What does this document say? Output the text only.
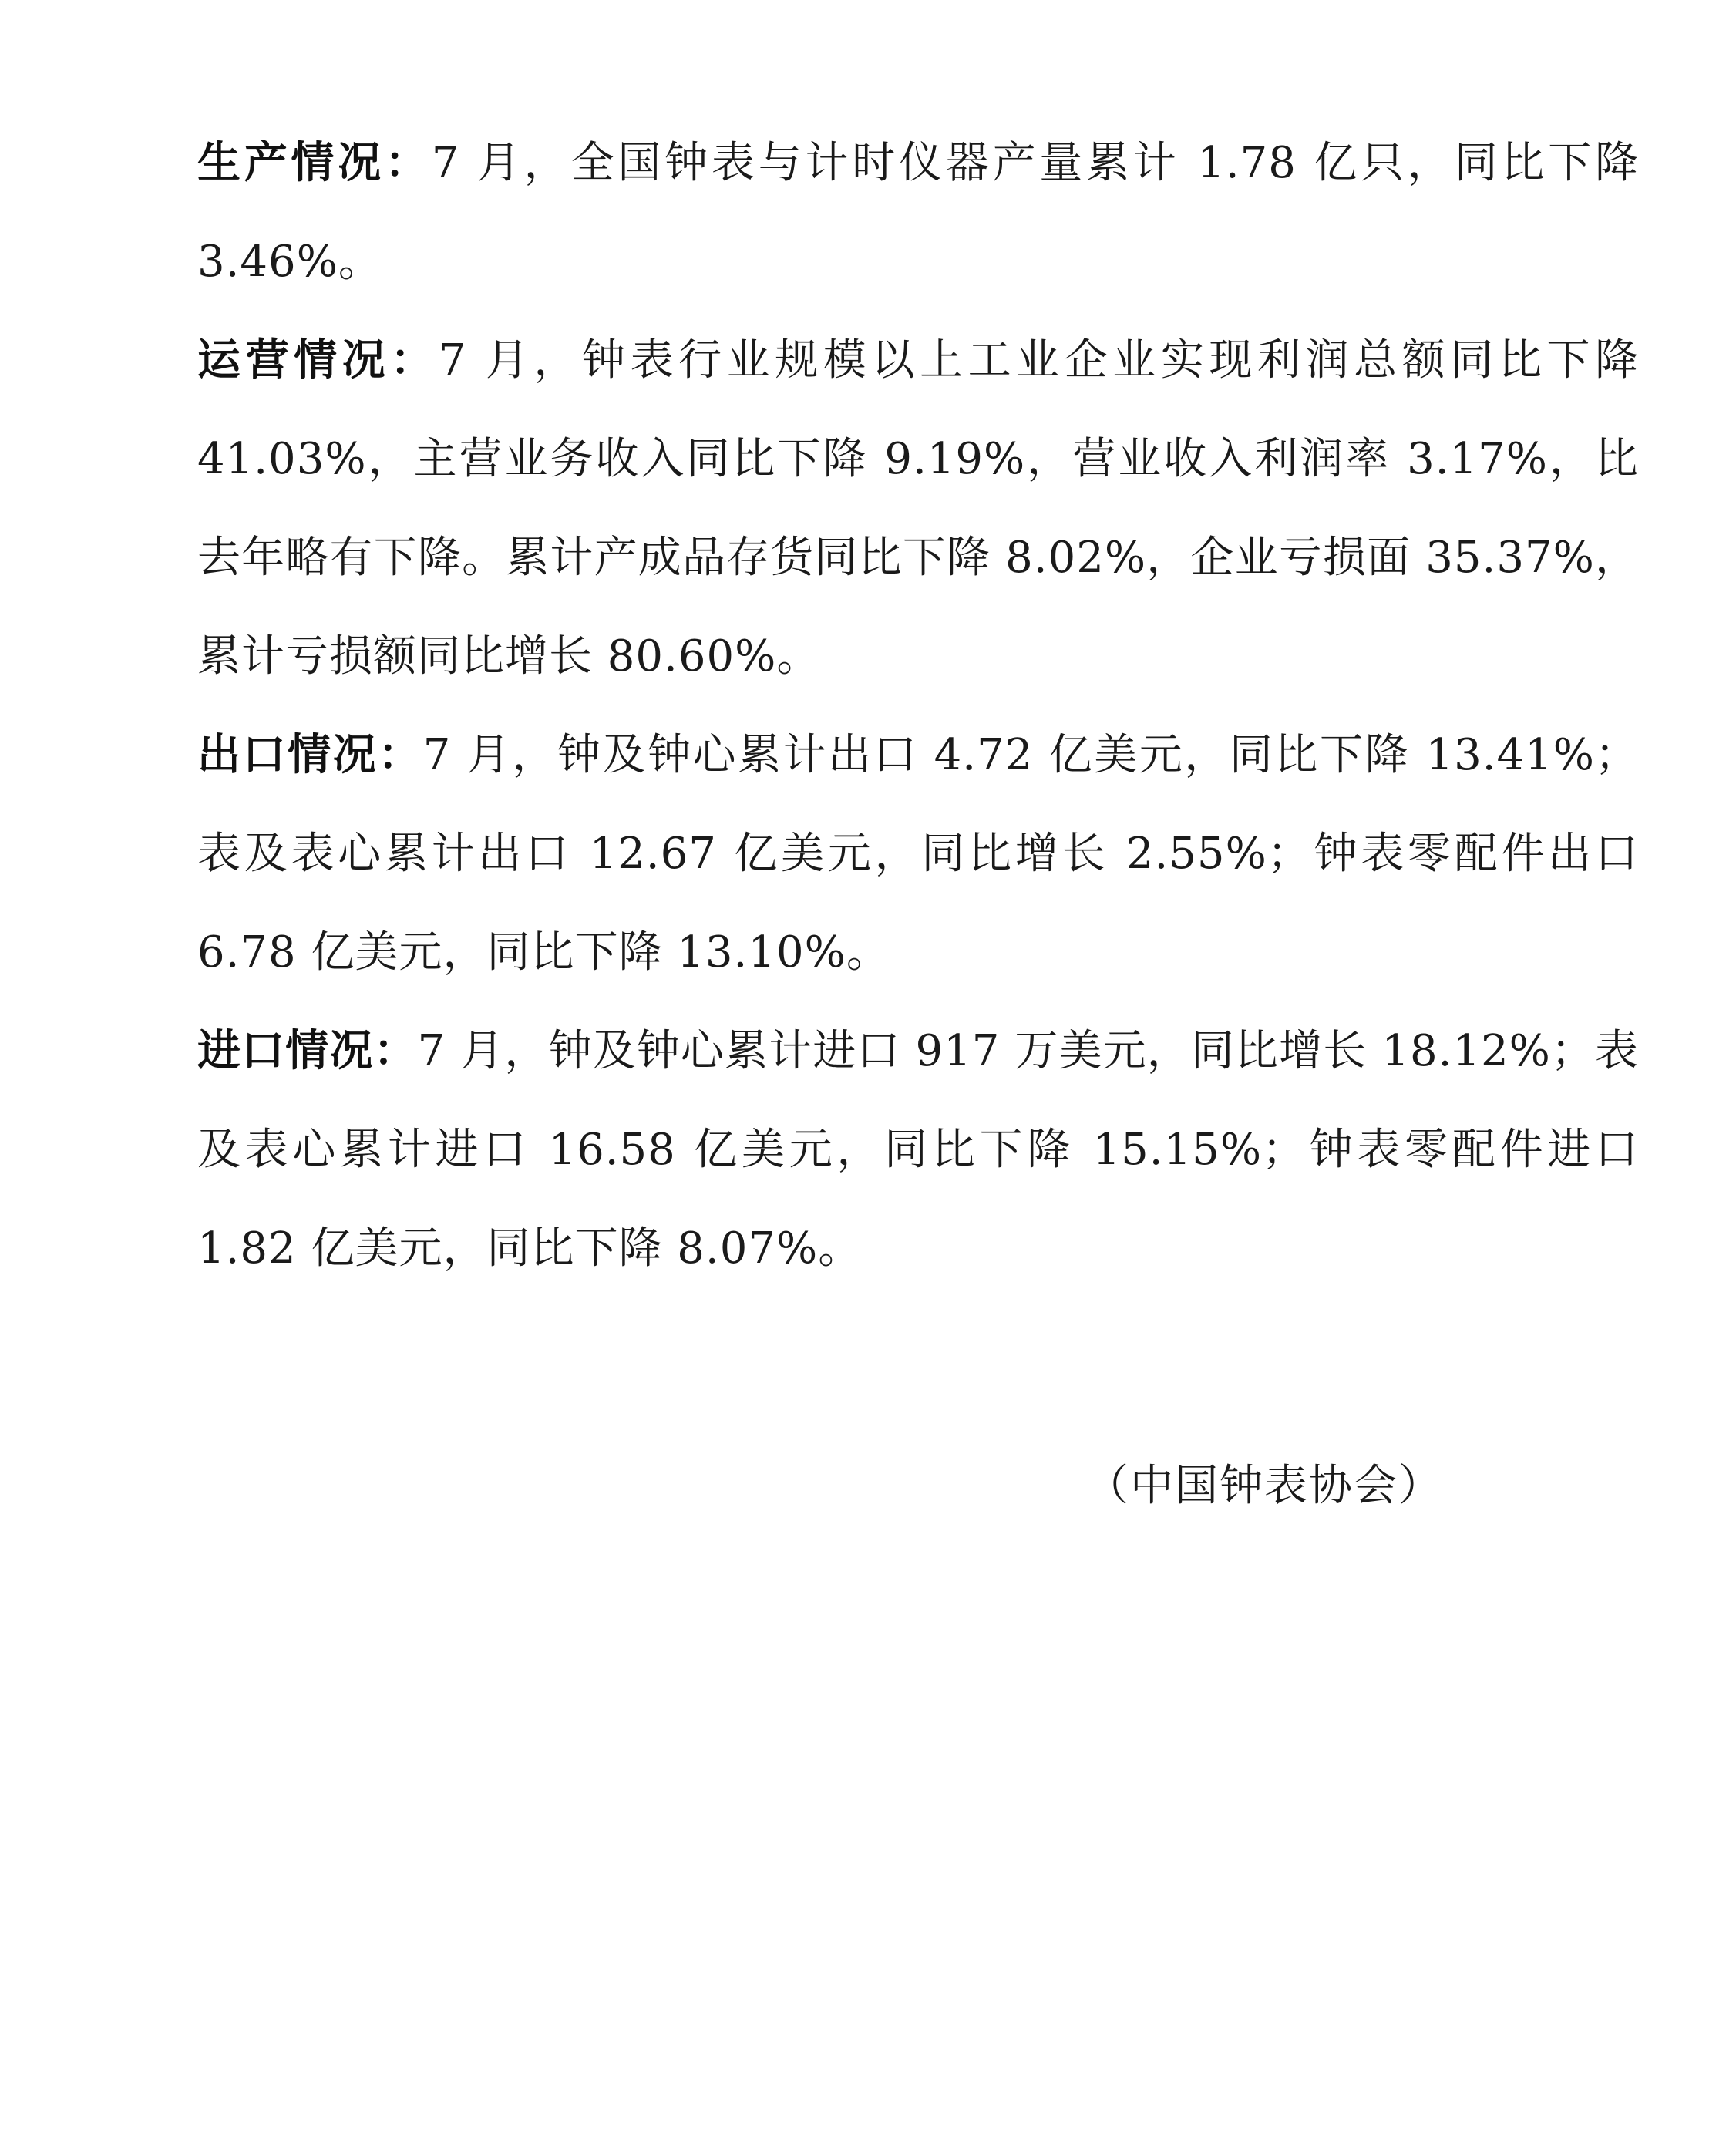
生产情况：7 月，全国钟表与计时仪器产量累计 1.78 亿只，同比下降 3.46%。

运营情况：7 月，钟表行业规模以上工业企业实现利润总额同比下降 41.03%，主营业务收入同比下降 9.19%，营业收入利润率 3.17%，比去年略有下降。累计产成品存货同比下降 8.02%，企业亏损面 35.37%，累计亏损额同比增长 80.60%。

出口情况：7 月，钟及钟心累计出口 4.72 亿美元，同比下降 13.41%；表及表心累计出口 12.67 亿美元，同比增长 2.55%；钟表零配件出口 6.78 亿美元，同比下降 13.10%。

进口情况：7 月，钟及钟心累计进口 917 万美元，同比增长 18.12%；表及表心累计进口 16.58 亿美元，同比下降 15.15%；钟表零配件进口 1.82 亿美元，同比下降 8.07%。

（中国钟表协会）
